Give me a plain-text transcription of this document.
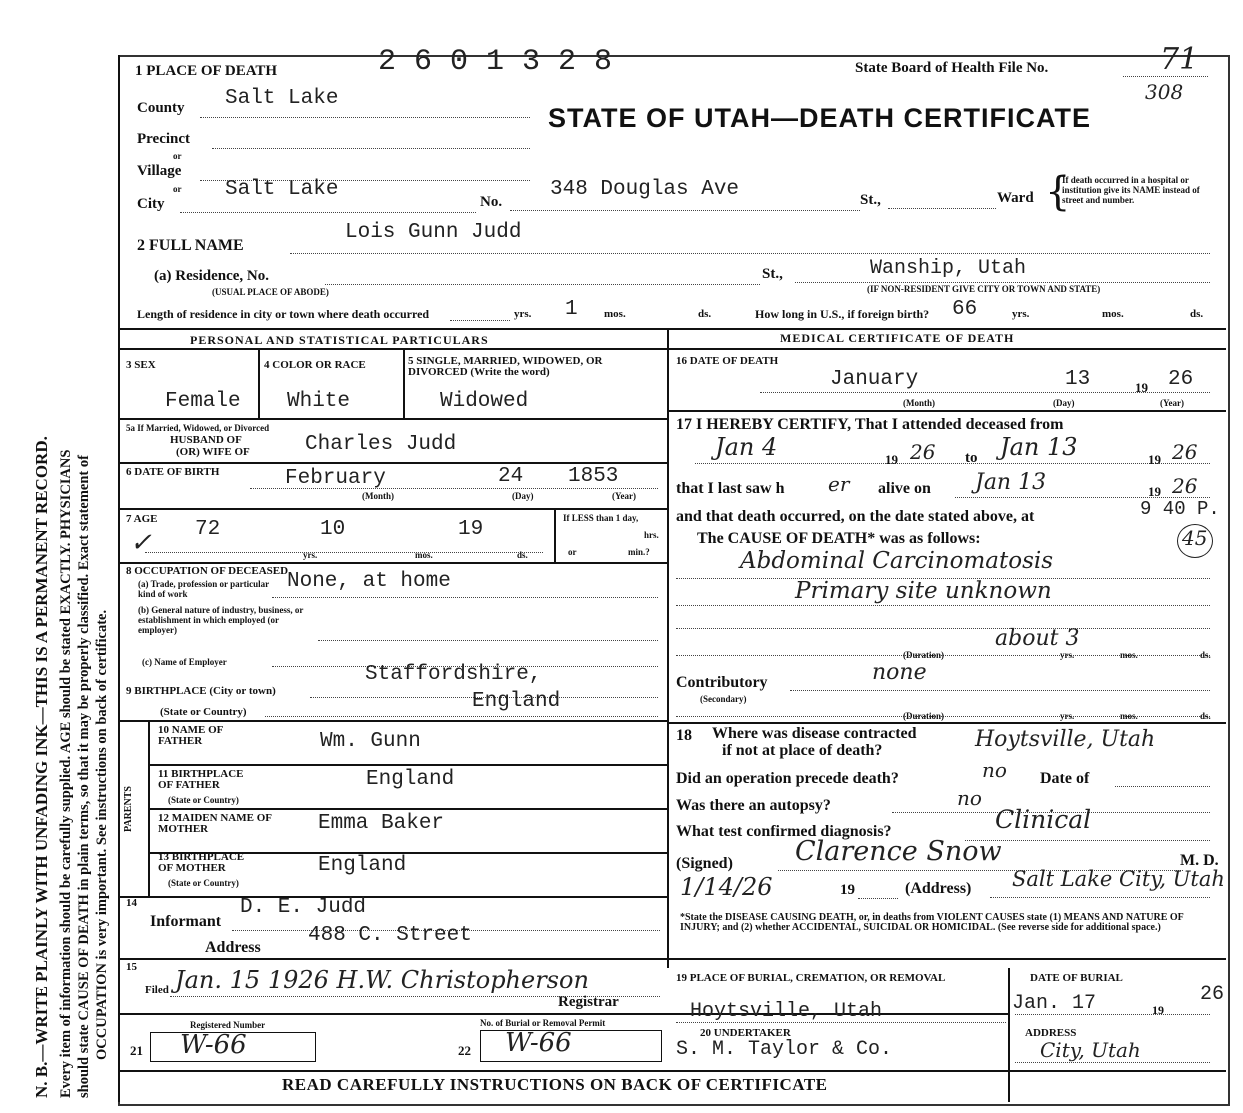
N. B.—WRITE PLAINLY WITH UNFADING INK—THIS IS A PERMANENT RECORD. Every item of information should be carefully supplied. AGE should be stated EXACTLY. PHYSICIANS should state CAUSE OF DEATH in plain terms, so that it may be properly classified. Exact statement of OCCUPATION is very important. See instructions on back of certificate.
1 PLACE OF DEATH	2 6 0 1 3 2 8	State Board of Health File No.	71
308
STATE OF UTAH—DEATH CERTIFICATE
County Salt Lake
Precinct
or
Village
or
City
Salt Lake
No.
348 Douglas Ave	St.,	Ward {
If death occurred in a hospital or institution give its NAME instead of street and number.
2 FULL NAME
Lois Gunn Judd
(a) Residence, No.
(USUAL PLACE OF ABODE)
St.,	Wanship, Utah
(IF NON-RESIDENT GIVE CITY OR TOWN AND STATE)
Length of residence in city or town where death occurred	yrs. 1 mos.	ds.	How long in U.S., if foreign birth? 66	yrs.	mos.	ds.
PERSONAL AND STATISTICAL PARTICULARS	MEDICAL CERTIFICATE OF DEATH
3 SEX
Female
4 COLOR OR RACE
White
5 SINGLE, MARRIED, WIDOWED, OR DIVORCED (Write the word)
Widowed
5a If Married, Widowed, or Divorced
HUSBAND OF
(OR) WIFE OF	Charles Judd
6 DATE OF BIRTH	February	24 1853
(Month)	(Day)	(Year)
7 AGE
✓ 72	10	19
yrs.	mos.	ds.
If LESS than 1 day,
hrs.
or	min.?
8 OCCUPATION OF DECEASED
(a) Trade, profession or particular kind of work
None, at home
(b) General nature of industry, business, or establishment in which employed (or employer)
(c) Name of Employer
9 BIRTHPLACE (City or town)
Staffordshire,
(State or Country)	England
PARENTS
10 NAME OF FATHER	Wm. Gunn
11 BIRTHPLACE OF FATHER
(State or Country)
England
12 MAIDEN NAME OF MOTHER	Emma Baker
13 BIRTHPLACE OF MOTHER
(State or Country)
England
14
Informant
D. E. Judd
Address
488 C. Street
15
Filed Jan. 15 1926 H.W. Christopherson
Registrar
Registered Number
21 W-66
No. of Burial or Removal Permit
22 W-66
16 DATE OF DEATH
January	13	19 26
(Month)	(Day)	(Year)
17 I HEREBY CERTIFY, That I attended deceased from
Jan 4	19 26 to Jan 13	19 26
that I last saw h er alive on Jan 13	19 26
and that death occurred, on the date stated above, at	9 40 P.
The CAUSE OF DEATH* was as follows:	45
Abdominal Carcinomatosis
Primary site unknown
(Duration)
about 3
yrs.	mos.	ds.
Contributory
(Secondary)
none
(Duration)	yrs.	mos.	ds.
18 Where was disease contracted
if not at place of death?	Hoytsville, Utah
Did an operation precede death?	no Date of
Was there an autopsy?	no
What test confirmed diagnosis?	Clinical
(Signed) Clarence Snow	M. D.
1/14/26	19	(Address) Salt Lake City, Utah
*State the DISEASE CAUSING DEATH, or, in deaths from VIOLENT CAUSES state (1) MEANS AND NATURE OF INJURY; and (2) whether ACCIDENTAL, SUICIDAL OR HOMICIDAL. (See reverse side for additional space.)
19 PLACE OF BURIAL, CREMATION, OR REMOVAL
Hoytsville, Utah
DATE OF BURIAL
Jan. 17	19
26
20 UNDERTAKER
S. M. Taylor & Co.
ADDRESS
City, Utah
READ CAREFULLY INSTRUCTIONS ON BACK OF CERTIFICATE
